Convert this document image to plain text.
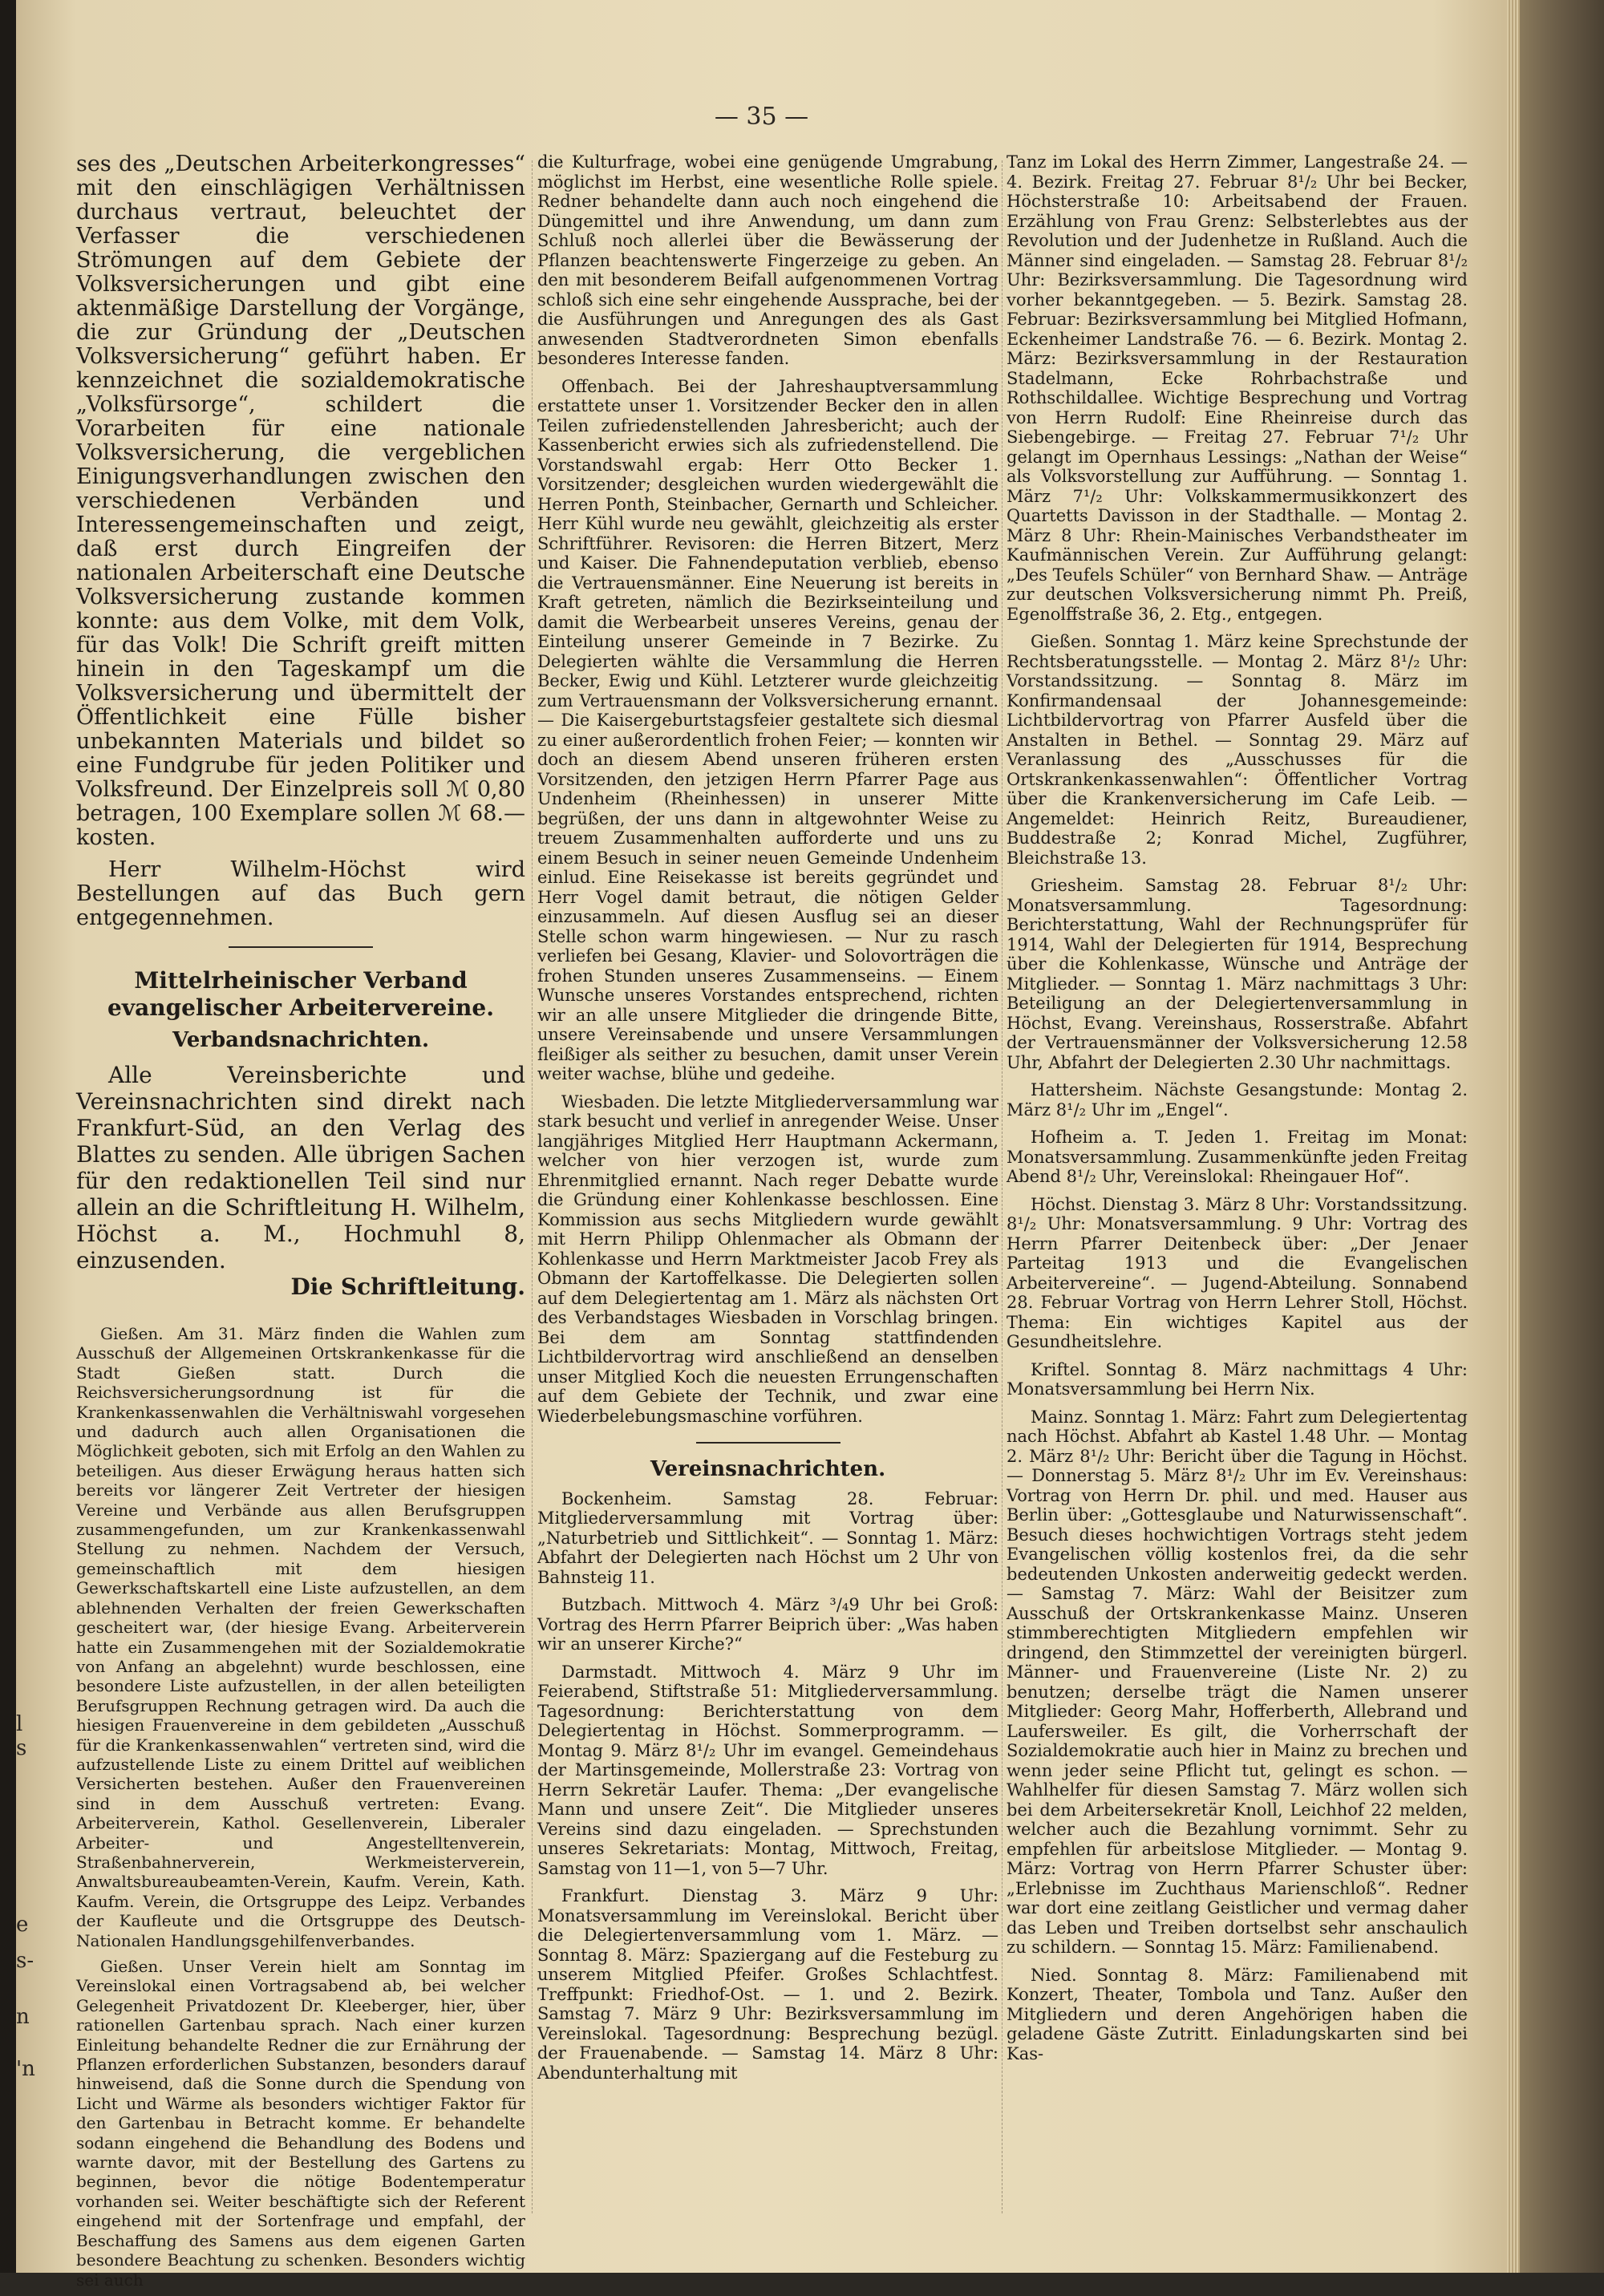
— 35 —
l
s
e
s-
n
'n

ses des „Deutschen Arbeiterkongresses“ mit den einschlägigen Verhältnissen durchaus vertraut, beleuchtet der Verfasser die verschiedenen Strömungen auf dem Gebiete der Volksversicherungen und gibt eine aktenmäßige Darstellung der Vorgänge, die zur Gründung der „Deutschen Volksversicherung“ geführt haben. Er kennzeichnet die sozialdemokratische „Volksfürsorge“, schildert die Vorarbeiten für eine nationale Volksversicherung, die vergeblichen Einigungsverhandlungen zwischen den verschiedenen Verbänden und Interessengemeinschaften und zeigt, daß erst durch Eingreifen der nationalen Arbeiterschaft eine Deutsche Volksversicherung zustande kommen konnte: aus dem Volke, mit dem Volk, für das Volk! Die Schrift greift mitten hinein in den Tageskampf um die Volksversicherung und übermittelt der Öffentlichkeit eine Fülle bisher unbekannten Materials und bildet so eine Fundgrube für jeden Politiker und Volksfreund. Der Einzelpreis soll ℳ 0,80 betragen, 100 Exemplare sollen ℳ 68.— kosten.

Herr Wilhelm-Höchst wird Bestellungen auf das Buch gern entgegennehmen.

Mittelrheinischer Verband evangelischer Arbeitervereine.
Verbandsnachrichten.

Alle Vereinsberichte und Vereinsnachrichten sind direkt nach Frankfurt-Süd, an den Verlag des Blattes zu senden. Alle übrigen Sachen für den redaktionellen Teil sind nur allein an die Schriftleitung H. Wilhelm, Höchst a. M., Hochmuhl 8, einzusenden.

Die Schriftleitung.

Gießen. Am 31. März finden die Wahlen zum Ausschuß der Allgemeinen Ortskrankenkasse für die Stadt Gießen statt. Durch die Reichsversicherungsordnung ist für die Krankenkassenwahlen die Verhältniswahl vorgesehen und dadurch auch allen Organisationen die Möglichkeit geboten, sich mit Erfolg an den Wahlen zu beteiligen. Aus dieser Erwägung heraus hatten sich bereits vor längerer Zeit Vertreter der hiesigen Vereine und Verbände aus allen Berufsgruppen zusammengefunden, um zur Krankenkassenwahl Stellung zu nehmen. Nachdem der Versuch, gemeinschaftlich mit dem hiesigen Gewerkschaftskartell eine Liste aufzustellen, an dem ablehnenden Verhalten der freien Gewerkschaften gescheitert war, (der hiesige Evang. Arbeiterverein hatte ein Zusammengehen mit der Sozialdemokratie von Anfang an abgelehnt) wurde beschlossen, eine besondere Liste aufzustellen, in der allen beteiligten Berufsgruppen Rechnung getragen wird. Da auch die hiesigen Frauenvereine in dem gebildeten „Ausschuß für die Krankenkassenwahlen“ vertreten sind, wird die aufzustellende Liste zu einem Drittel auf weiblichen Versicherten bestehen. Außer den Frauenvereinen sind in dem Ausschuß vertreten: Evang. Arbeiterverein, Kathol. Gesellenverein, Liberaler Arbeiter- und Angestelltenverein, Straßenbahnerverein, Werkmeisterverein, Anwaltsbureaubeamten-Verein, Kaufm. Verein, Kath. Kaufm. Verein, die Ortsgruppe des Leipz. Verbandes der Kaufleute und die Ortsgruppe des Deutsch-Nationalen Handlungsgehilfenverbandes.

Gießen. Unser Verein hielt am Sonntag im Vereinslokal einen Vortragsabend ab, bei welcher Gelegenheit Privatdozent Dr. Kleeberger, hier, über rationellen Gartenbau sprach. Nach einer kurzen Einleitung behandelte Redner die zur Ernährung der Pflanzen erforderlichen Substanzen, besonders darauf hinweisend, daß die Sonne durch die Spendung von Licht und Wärme als besonders wichtiger Faktor für den Gartenbau in Betracht komme. Er behandelte sodann eingehend die Behandlung des Bodens und warnte davor, mit der Bestellung des Gartens zu beginnen, bevor die nötige Bodentemperatur vorhanden sei. Weiter beschäftigte sich der Referent eingehend mit der Sortenfrage und empfahl, der Beschaffung des Samens aus dem eigenen Garten besondere Beachtung zu schenken. Besonders wichtig sei auch

die Kulturfrage, wobei eine genügende Umgrabung, möglichst im Herbst, eine wesentliche Rolle spiele. Redner behandelte dann auch noch eingehend die Düngemittel und ihre Anwendung, um dann zum Schluß noch allerlei über die Bewässerung der Pflanzen beachtenswerte Fingerzeige zu geben. An den mit besonderem Beifall aufgenommenen Vortrag schloß sich eine sehr eingehende Aussprache, bei der die Ausführungen und Anregungen des als Gast anwesenden Stadtverordneten Simon ebenfalls besonderes Interesse fanden.

Offenbach. Bei der Jahreshauptversammlung erstattete unser 1. Vorsitzender Becker den in allen Teilen zufriedenstellenden Jahresbericht; auch der Kassenbericht erwies sich als zufriedenstellend. Die Vorstandswahl ergab: Herr Otto Becker 1. Vorsitzender; desgleichen wurden wiedergewählt die Herren Ponth, Steinbacher, Gernarth und Schleicher. Herr Kühl wurde neu gewählt, gleichzeitig als erster Schriftführer. Revisoren: die Herren Bitzert, Merz und Kaiser. Die Fahnendeputation verblieb, ebenso die Vertrauensmänner. Eine Neuerung ist bereits in Kraft getreten, nämlich die Bezirkseinteilung und damit die Werbearbeit unseres Vereins, genau der Einteilung unserer Gemeinde in 7 Bezirke. Zu Delegierten wählte die Versammlung die Herren Becker, Ewig und Kühl. Letzterer wurde gleichzeitig zum Vertrauensmann der Volksversicherung ernannt. — Die Kaisergeburtstagsfeier gestaltete sich diesmal zu einer außerordentlich frohen Feier; — konnten wir doch an diesem Abend unseren früheren ersten Vorsitzenden, den jetzigen Herrn Pfarrer Page aus Undenheim (Rheinhessen) in unserer Mitte begrüßen, der uns dann in altgewohnter Weise zu treuem Zusammenhalten aufforderte und uns zu einem Besuch in seiner neuen Gemeinde Undenheim einlud. Eine Reisekasse ist bereits gegründet und Herr Vogel damit betraut, die nötigen Gelder einzusammeln. Auf diesen Ausflug sei an dieser Stelle schon warm hingewiesen. — Nur zu rasch verliefen bei Gesang, Klavier- und Solovorträgen die frohen Stunden unseres Zusammenseins. — Einem Wunsche unseres Vorstandes entsprechend, richten wir an alle unsere Mitglieder die dringende Bitte, unsere Vereinsabende und unsere Versammlungen fleißiger als seither zu besuchen, damit unser Verein weiter wachse, blühe und gedeihe.

Wiesbaden. Die letzte Mitgliederversammlung war stark besucht und verlief in anregender Weise. Unser langjähriges Mitglied Herr Hauptmann Ackermann, welcher von hier verzogen ist, wurde zum Ehrenmitglied ernannt. Nach reger Debatte wurde die Gründung einer Kohlenkasse beschlossen. Eine Kommission aus sechs Mitgliedern wurde gewählt mit Herrn Philipp Ohlenmacher als Obmann der Kohlenkasse und Herrn Marktmeister Jacob Frey als Obmann der Kartoffelkasse. Die Delegierten sollen auf dem Delegiertentag am 1. März als nächsten Ort des Verbandstages Wiesbaden in Vorschlag bringen. Bei dem am Sonntag stattfindenden Lichtbildervortrag wird anschließend an denselben unser Mitglied Koch die neuesten Errungenschaften auf dem Gebiete der Technik, und zwar eine Wiederbelebungsmaschine vorführen.

Vereinsnachrichten.

Bockenheim. Samstag 28. Februar: Mitgliederversammlung mit Vortrag über: „Naturbetrieb und Sittlichkeit“. — Sonntag 1. März: Abfahrt der Delegierten nach Höchst um 2 Uhr von Bahnsteig 11.

Butzbach. Mittwoch 4. März ³/₄9 Uhr bei Groß: Vortrag des Herrn Pfarrer Beiprich über: „Was haben wir an unserer Kirche?“

Darmstadt. Mittwoch 4. März 9 Uhr im Feierabend, Stiftstraße 51: Mitgliederversammlung. Tagesordnung: Berichterstattung von dem Delegiertentag in Höchst. Sommerprogramm. — Montag 9. März 8¹/₂ Uhr im evangel. Gemeindehaus der Martinsgemeinde, Mollerstraße 23: Vortrag von Herrn Sekretär Laufer. Thema: „Der evangelische Mann und unsere Zeit“. Die Mitglieder unseres Vereins sind dazu eingeladen. — Sprechstunden unseres Sekretariats: Montag, Mittwoch, Freitag, Samstag von 11—1, von 5—7 Uhr.

Frankfurt. Dienstag 3. März 9 Uhr: Monatsversammlung im Vereinslokal. Bericht über die Delegiertenversammlung vom 1. März. — Sonntag 8. März: Spaziergang auf die Festeburg zu unserem Mitglied Pfeifer. Großes Schlachtfest. Treffpunkt: Friedhof-Ost. — 1. und 2. Bezirk. Samstag 7. März 9 Uhr: Bezirksversammlung im Vereinslokal. Tagesordnung: Besprechung bezügl. der Frauenabende. — Samstag 14. März 8 Uhr: Abendunterhaltung mit

Tanz im Lokal des Herrn Zimmer, Langestraße 24. — 4. Bezirk. Freitag 27. Februar 8¹/₂ Uhr bei Becker, Höchsterstraße 10: Arbeitsabend der Frauen. Erzählung von Frau Grenz: Selbsterlebtes aus der Revolution und der Judenhetze in Rußland. Auch die Männer sind eingeladen. — Samstag 28. Februar 8¹/₂ Uhr: Bezirksversammlung. Die Tagesordnung wird vorher bekanntgegeben. — 5. Bezirk. Samstag 28. Februar: Bezirksversammlung bei Mitglied Hofmann, Eckenheimer Landstraße 76. — 6. Bezirk. Montag 2. März: Bezirksversammlung in der Restauration Stadelmann, Ecke Rohrbachstraße und Rothschildallee. Wichtige Besprechung und Vortrag von Herrn Rudolf: Eine Rheinreise durch das Siebengebirge. — Freitag 27. Februar 7¹/₂ Uhr gelangt im Opernhaus Lessings: „Nathan der Weise“ als Volksvorstellung zur Aufführung. — Sonntag 1. März 7¹/₂ Uhr: Volkskammermusikkonzert des Quartetts Davisson in der Stadthalle. — Montag 2. März 8 Uhr: Rhein-Mainisches Verbandstheater im Kaufmännischen Verein. Zur Aufführung gelangt: „Des Teufels Schüler“ von Bernhard Shaw. — Anträge zur deutschen Volksversicherung nimmt Ph. Preiß, Egenolffstraße 36, 2. Etg., entgegen.

Gießen. Sonntag 1. März keine Sprechstunde der Rechtsberatungsstelle. — Montag 2. März 8¹/₂ Uhr: Vorstandssitzung. — Sonntag 8. März im Konfirmandensaal der Johannesgemeinde: Lichtbildervortrag von Pfarrer Ausfeld über die Anstalten in Bethel. — Sonntag 29. März auf Veranlassung des „Ausschusses für die Ortskrankenkassenwahlen“: Öffentlicher Vortrag über die Krankenversicherung im Cafe Leib. — Angemeldet: Heinrich Reitz, Bureaudiener, Buddestraße 2; Konrad Michel, Zugführer, Bleichstraße 13.

Griesheim. Samstag 28. Februar 8¹/₂ Uhr: Monatsversammlung. Tagesordnung: Berichterstattung, Wahl der Rechnungsprüfer für 1914, Wahl der Delegierten für 1914, Besprechung über die Kohlenkasse, Wünsche und Anträge der Mitglieder. — Sonntag 1. März nachmittags 3 Uhr: Beteiligung an der Delegiertenversammlung in Höchst, Evang. Vereinshaus, Rosserstraße. Abfahrt der Vertrauensmänner der Volksversicherung 12.58 Uhr, Abfahrt der Delegierten 2.30 Uhr nachmittags.

Hattersheim. Nächste Gesangstunde: Montag 2. März 8¹/₂ Uhr im „Engel“.

Hofheim a. T. Jeden 1. Freitag im Monat: Monatsversammlung. Zusammenkünfte jeden Freitag Abend 8¹/₂ Uhr, Vereinslokal: Rheingauer Hof“.

Höchst. Dienstag 3. März 8 Uhr: Vorstandssitzung. 8¹/₂ Uhr: Monatsversammlung. 9 Uhr: Vortrag des Herrn Pfarrer Deitenbeck über: „Der Jenaer Parteitag 1913 und die Evangelischen Arbeitervereine“. — Jugend-Abteilung. Sonnabend 28. Februar Vortrag von Herrn Lehrer Stoll, Höchst. Thema: Ein wichtiges Kapitel aus der Gesundheitslehre.

Kriftel. Sonntag 8. März nachmittags 4 Uhr: Monatsversammlung bei Herrn Nix.

Mainz. Sonntag 1. März: Fahrt zum Delegiertentag nach Höchst. Abfahrt ab Kastel 1.48 Uhr. — Montag 2. März 8¹/₂ Uhr: Bericht über die Tagung in Höchst. — Donnerstag 5. März 8¹/₂ Uhr im Ev. Vereinshaus: Vortrag von Herrn Dr. phil. und med. Hauser aus Berlin über: „Gottesglaube und Naturwissenschaft“. Besuch dieses hochwichtigen Vortrags steht jedem Evangelischen völlig kostenlos frei, da die sehr bedeutenden Unkosten anderweitig gedeckt werden. — Samstag 7. März: Wahl der Beisitzer zum Ausschuß der Ortskrankenkasse Mainz. Unseren stimmberechtigten Mitgliedern empfehlen wir dringend, den Stimmzettel der vereinigten bürgerl. Männer- und Frauenvereine (Liste Nr. 2) zu benutzen; derselbe trägt die Namen unserer Mitglieder: Georg Mahr, Hofferberth, Allebrand und Laufersweiler. Es gilt, die Vorherrschaft der Sozialdemokratie auch hier in Mainz zu brechen und wenn jeder seine Pflicht tut, gelingt es schon. — Wahlhelfer für diesen Samstag 7. März wollen sich bei dem Arbeitersekretär Knoll, Leichhof 22 melden, welcher auch die Bezahlung vornimmt. Sehr zu empfehlen für arbeitslose Mitglieder. — Montag 9. März: Vortrag von Herrn Pfarrer Schuster über: „Erlebnisse im Zuchthaus Marienschloß“. Redner war dort eine zeitlang Geistlicher und vermag daher das Leben und Treiben dortselbst sehr anschaulich zu schildern. — Sonntag 15. März: Familienabend.

Nied. Sonntag 8. März: Familienabend mit Konzert, Theater, Tombola und Tanz. Außer den Mitgliedern und deren Angehörigen haben die geladene Gäste Zutritt. Einladungskarten sind bei Kas-
